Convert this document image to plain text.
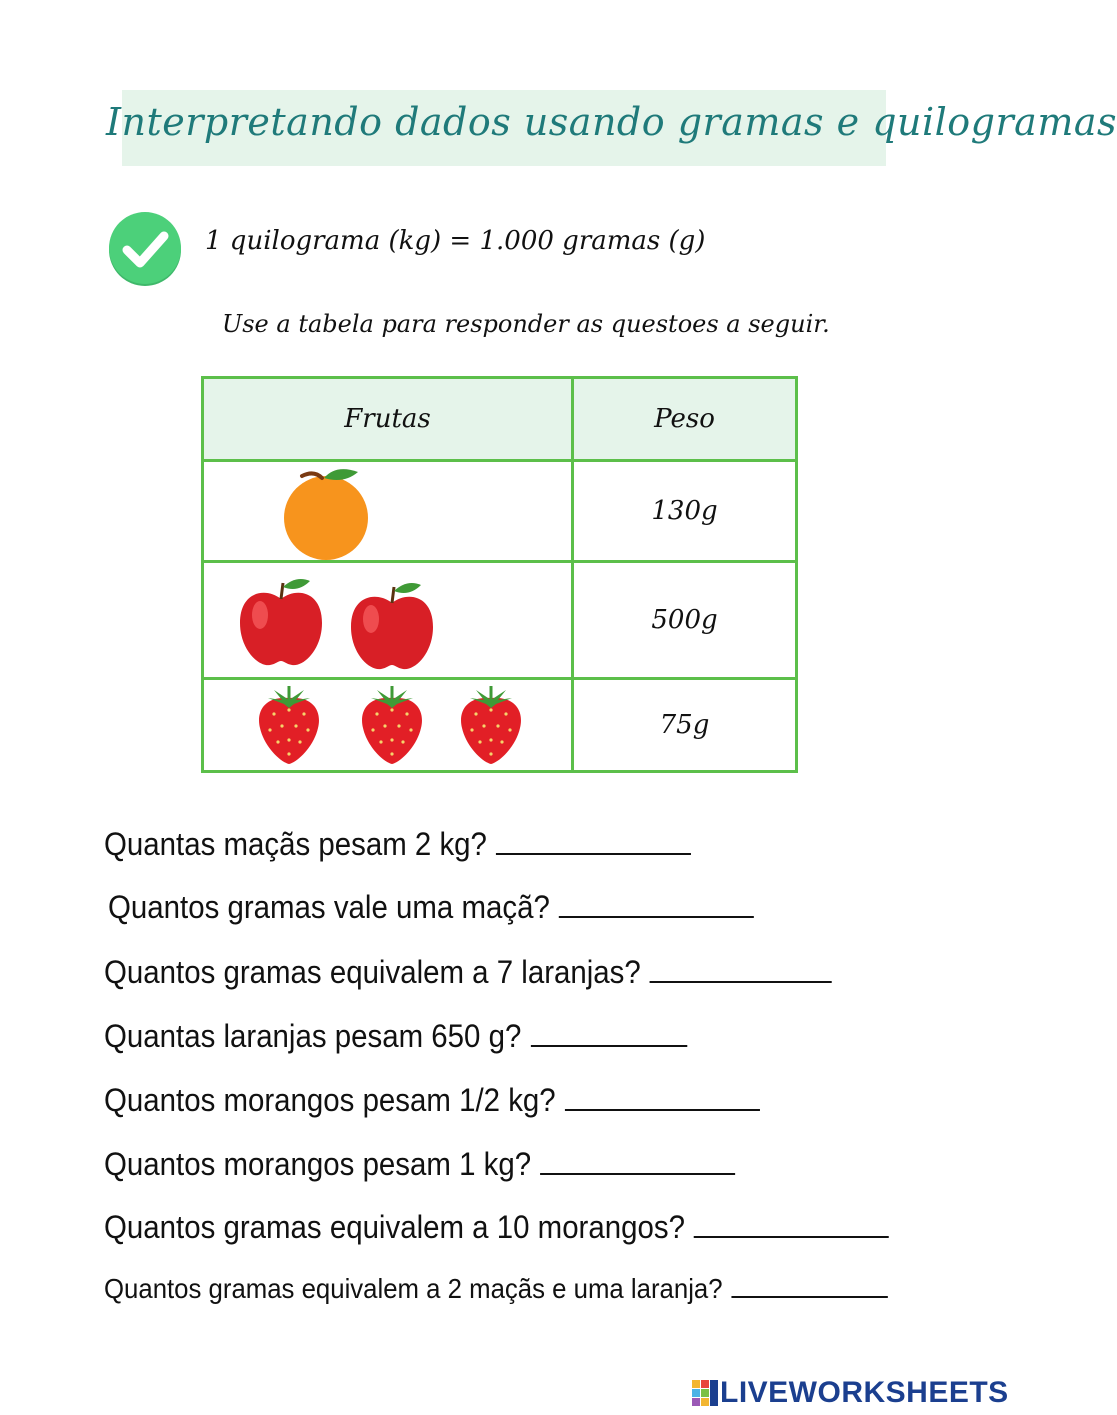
Interpretando dados usando gramas e quilogramas
1 quilograma (kg) = 1.000 gramas (g)
Use a tabela para responder as questoes a seguir.
Frutas	Peso

	130g

	500g

	75g
Quantas maçãs pesam 2 kg?
Quantos gramas vale uma maçã?
Quantos gramas equivalem a 7 laranjas?
Quantas laranjas pesam 650 g?
Quantos morangos pesam 1/2 kg?
Quantos morangos pesam 1 kg?
Quantos gramas equivalem a 10 morangos?
Quantos gramas equivalem a 2 maçãs e uma laranja?
LIVEWORKSHEETS
